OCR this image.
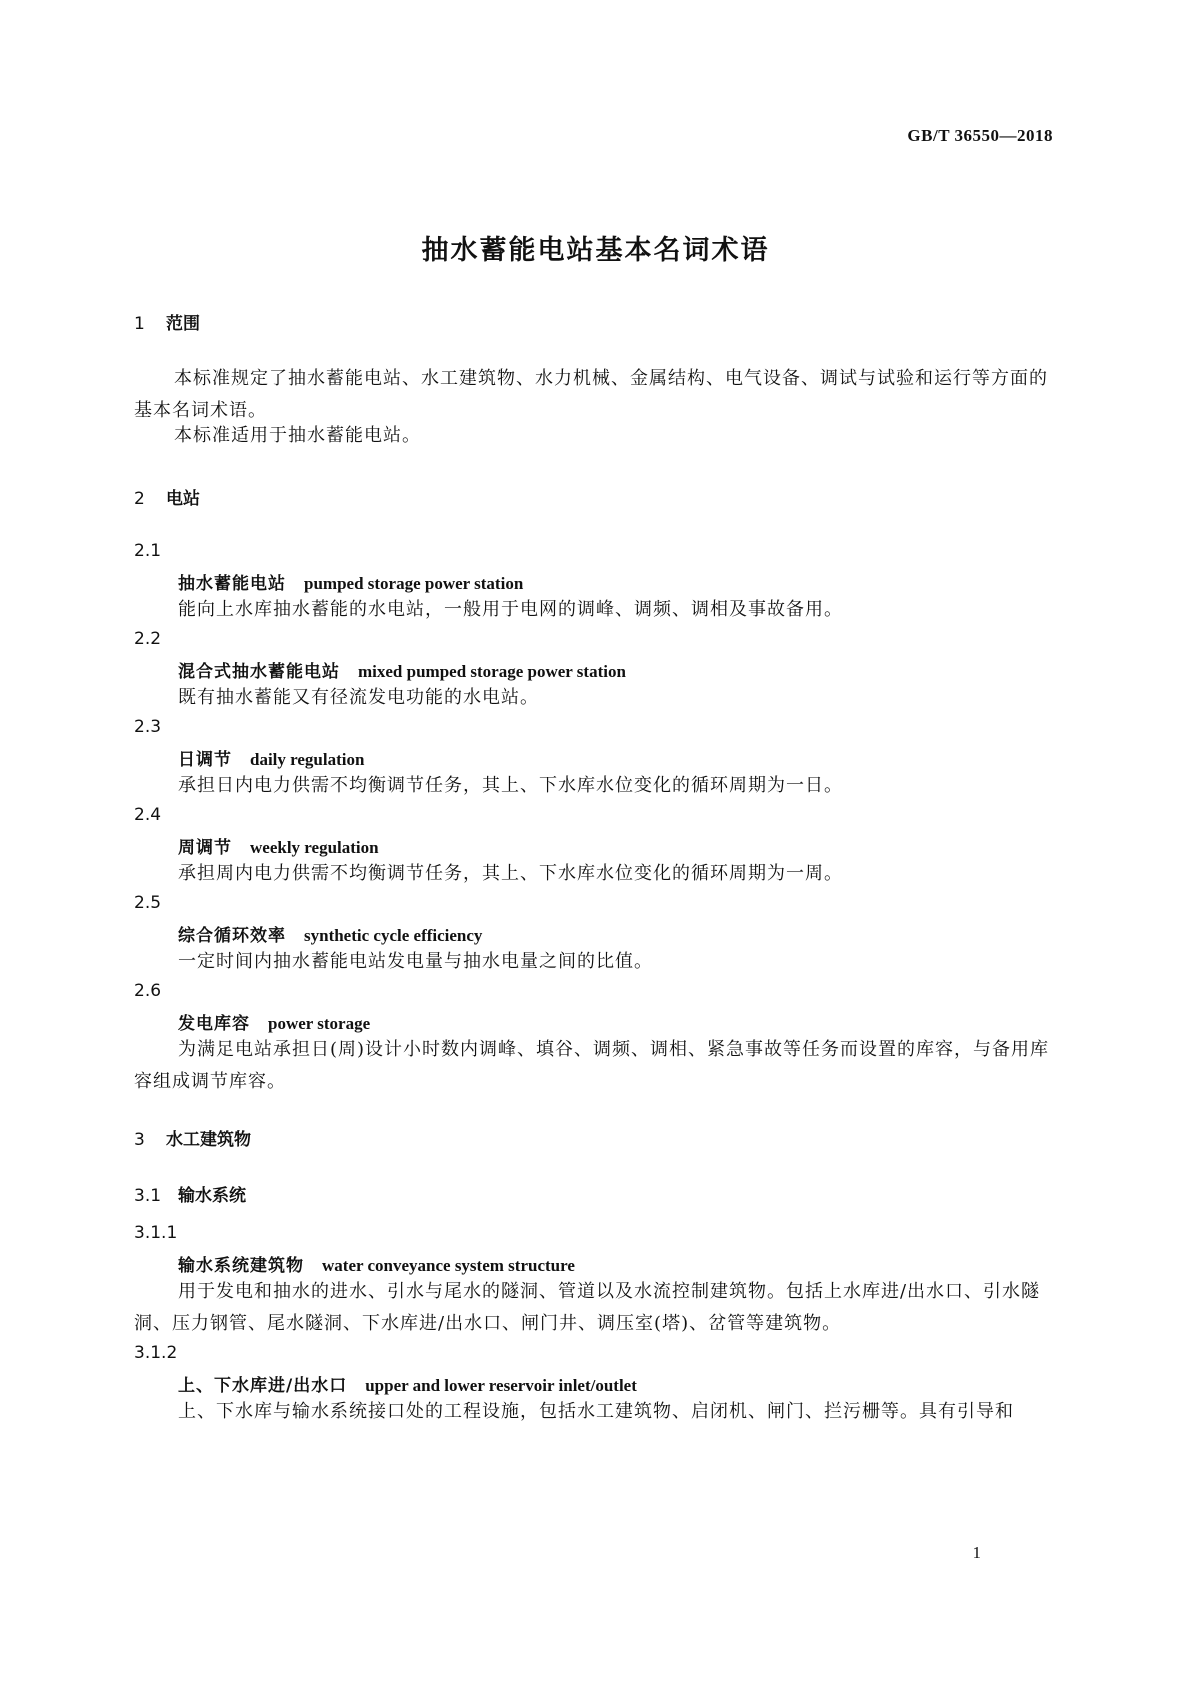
GB/T 36550—2018
抽水蓄能电站基本名词术语
1 范围
本标准规定了抽水蓄能电站、水工建筑物、水力机械、金属结构、电气设备、调试与试验和运行等方面的基本名词术语。
本标准适用于抽水蓄能电站。
2 电站
2.1
抽水蓄能电站 pumped storage power station
能向上水库抽水蓄能的水电站，一般用于电网的调峰、调频、调相及事故备用。
2.2
混合式抽水蓄能电站 mixed pumped storage power station
既有抽水蓄能又有径流发电功能的水电站。
2.3
日调节 daily regulation
承担日内电力供需不均衡调节任务，其上、下水库水位变化的循环周期为一日。
2.4
周调节 weekly regulation
承担周内电力供需不均衡调节任务，其上、下水库水位变化的循环周期为一周。
2.5
综合循环效率 synthetic cycle efficiency
一定时间内抽水蓄能电站发电量与抽水电量之间的比值。
2.6
发电库容 power storage
为满足电站承担日(周)设计小时数内调峰、填谷、调频、调相、紧急事故等任务而设置的库容，与备用库容组成调节库容。
3 水工建筑物
3.1 输水系统
3.1.1
输水系统建筑物 water conveyance system structure
用于发电和抽水的进水、引水与尾水的隧洞、管道以及水流控制建筑物。包括上水库进/出水口、引水隧洞、压力钢管、尾水隧洞、下水库进/出水口、闸门井、调压室(塔)、岔管等建筑物。
3.1.2
上、下水库进/出水口 upper and lower reservoir inlet/outlet
上、下水库与输水系统接口处的工程设施，包括水工建筑物、启闭机、闸门、拦污栅等。具有引导和
1
